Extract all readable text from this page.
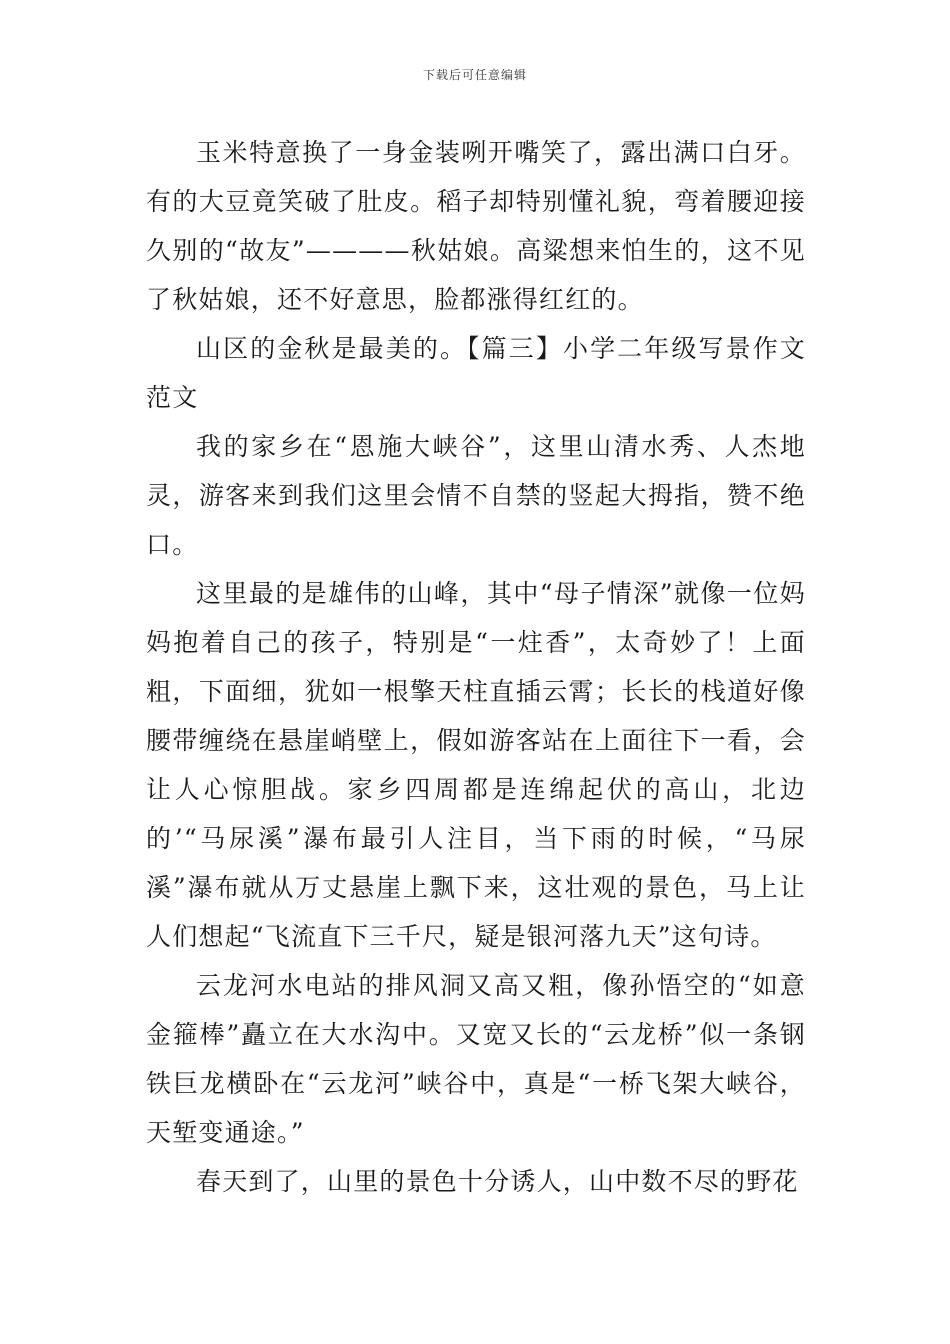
下载后可任意编辑

玉米特意换了一身金装咧开嘴笑了，露出满口白牙。有的大豆竟笑破了肚皮。稻子却特别懂礼貌，弯着腰迎接久别的“故友”————秋姑娘。高粱想来怕生的，这不见了秋姑娘，还不好意思，脸都涨得红红的。

山区的金秋是最美的。【篇三】小学二年级写景作文范文

我的家乡在“恩施大峡谷”，这里山清水秀、人杰地灵，游客来到我们这里会情不自禁的竖起大拇指，赞不绝口。

这里最的是雄伟的山峰，其中“母子情深”就像一位妈妈抱着自己的孩子，特别是“一炷香”，太奇妙了！上面粗，下面细，犹如一根擎天柱直插云霄；长长的栈道好像腰带缠绕在悬崖峭壁上，假如游客站在上面往下一看，会让人心惊胆战。家乡四周都是连绵起伏的高山，北边的’“马尿溪”瀑布最引人注目，当下雨的时候，“马尿溪”瀑布就从万丈悬崖上飘下来，这壮观的景色，马上让人们想起“飞流直下三千尺，疑是银河落九天”这句诗。

云龙河水电站的排风洞又高又粗，像孙悟空的“如意金箍棒”矗立在大水沟中。又宽又长的“云龙桥”似一条钢铁巨龙横卧在“云龙河”峡谷中，真是“一桥飞架大峡谷，天堑变通途。”

春天到了，山里的景色十分诱人，山中数不尽的野花
